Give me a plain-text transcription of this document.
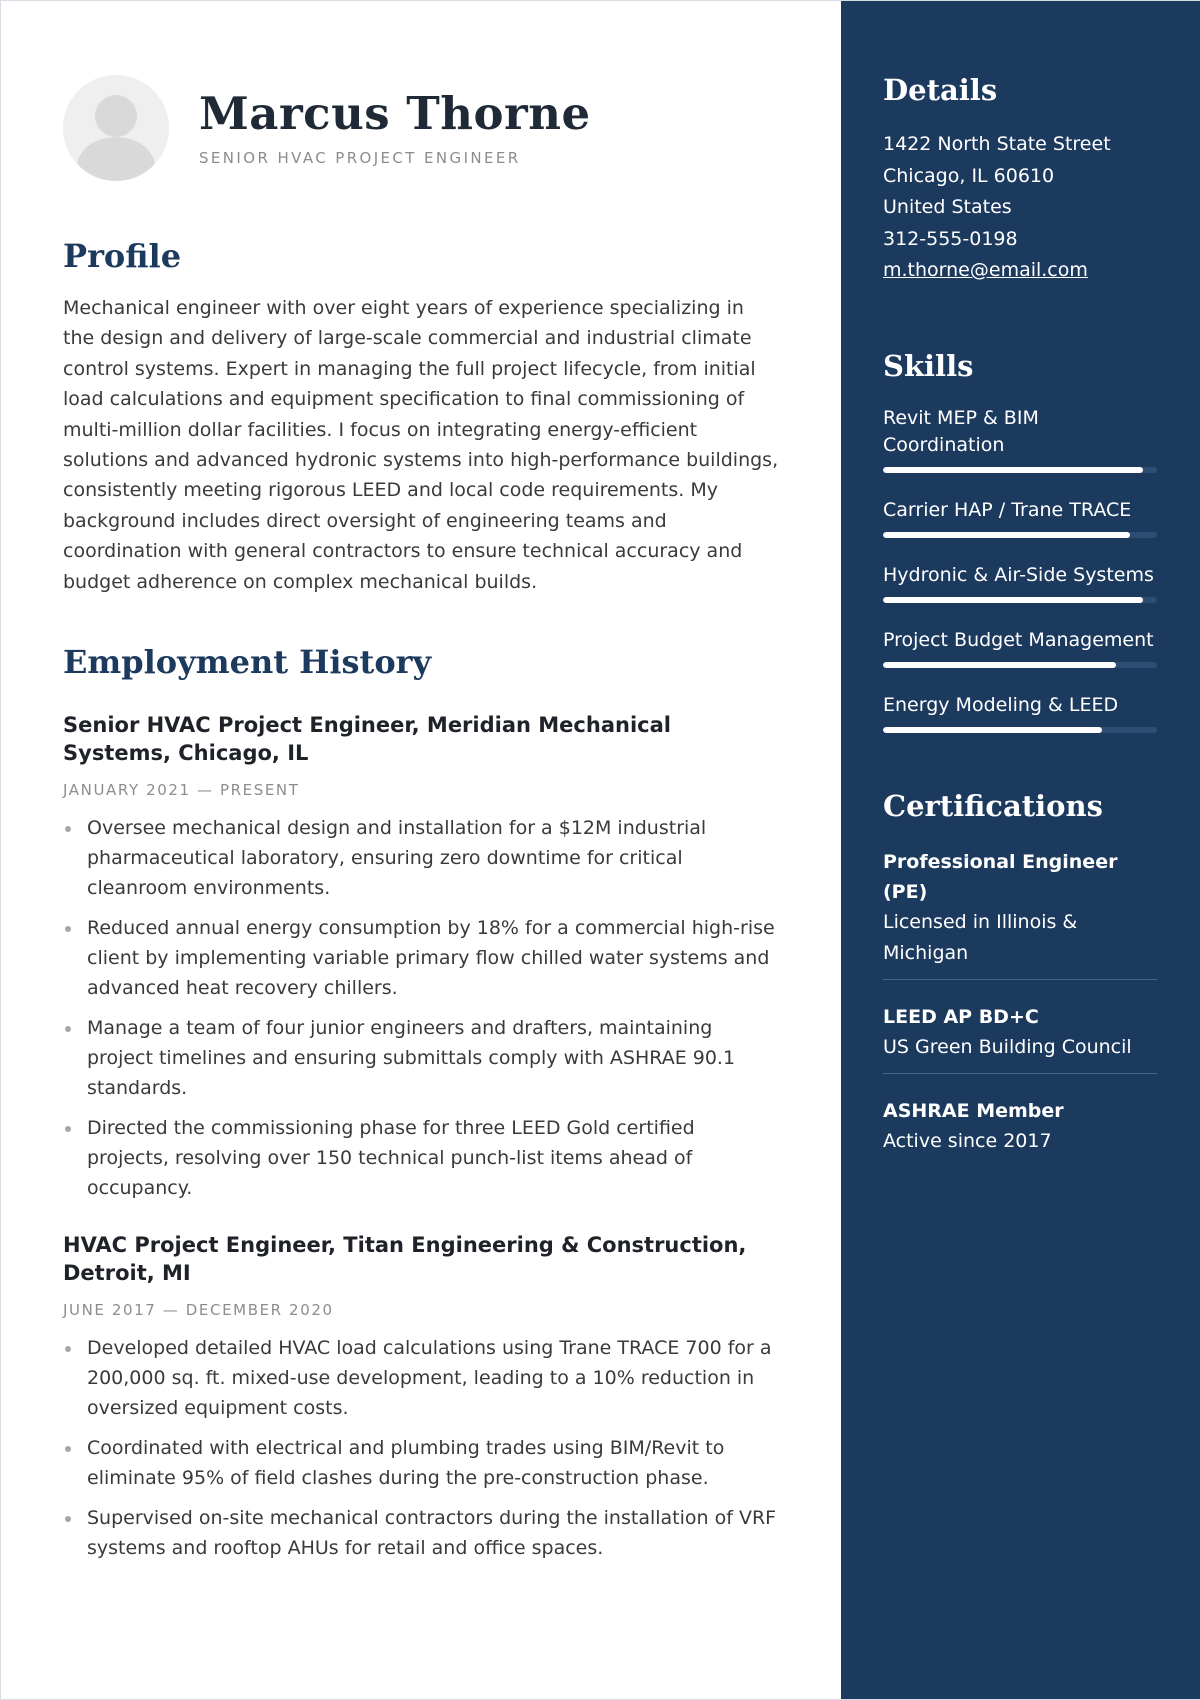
Marcus Thorne
SENIOR HVAC PROJECT ENGINEER
Profile
Mechanical engineer with over eight years of experience specializing in the design and delivery of large-scale commercial and industrial climate control systems. Expert in managing the full project lifecycle, from initial load calculations and equipment specification to final commissioning of multi-million dollar facilities. I focus on integrating energy-efficient solutions and advanced hydronic systems into high-performance buildings, consistently meeting rigorous LEED and local code requirements. My background includes direct oversight of engineering teams and coordination with general contractors to ensure technical accuracy and budget adherence on complex mechanical builds.
Employment History
Senior HVAC Project Engineer, Meridian Mechanical Systems, Chicago, IL
JANUARY 2021 — PRESENT
Oversee mechanical design and installation for a $12M industrial pharmaceutical laboratory, ensuring zero downtime for critical cleanroom environments.
Reduced annual energy consumption by 18% for a commercial high-rise client by implementing variable primary flow chilled water systems and advanced heat recovery chillers.
Manage a team of four junior engineers and drafters, maintaining project timelines and ensuring submittals comply with ASHRAE 90.1 standards.
Directed the commissioning phase for three LEED Gold certified projects, resolving over 150 technical punch-list items ahead of occupancy.
HVAC Project Engineer, Titan Engineering & Construction, Detroit, MI
JUNE 2017 — DECEMBER 2020
Developed detailed HVAC load calculations using Trane TRACE 700 for a 200,000 sq. ft. mixed-use development, leading to a 10% reduction in oversized equipment costs.
Coordinated with electrical and plumbing trades using BIM/Revit to eliminate 95% of field clashes during the pre-construction phase.
Supervised on-site mechanical contractors during the installation of VRF systems and rooftop AHUs for retail and office spaces.
Details
1422 North State Street
Chicago, IL 60610
United States
312-555-0198
m.thorne@email.com
Skills
Revit MEP & BIM Coordination
Carrier HAP / Trane TRACE
Hydronic & Air-Side Systems
Project Budget Management
Energy Modeling & LEED
Certifications
Professional Engineer (PE)
Licensed in Illinois & Michigan
LEED AP BD+C
US Green Building Council
ASHRAE Member
Active since 2017
